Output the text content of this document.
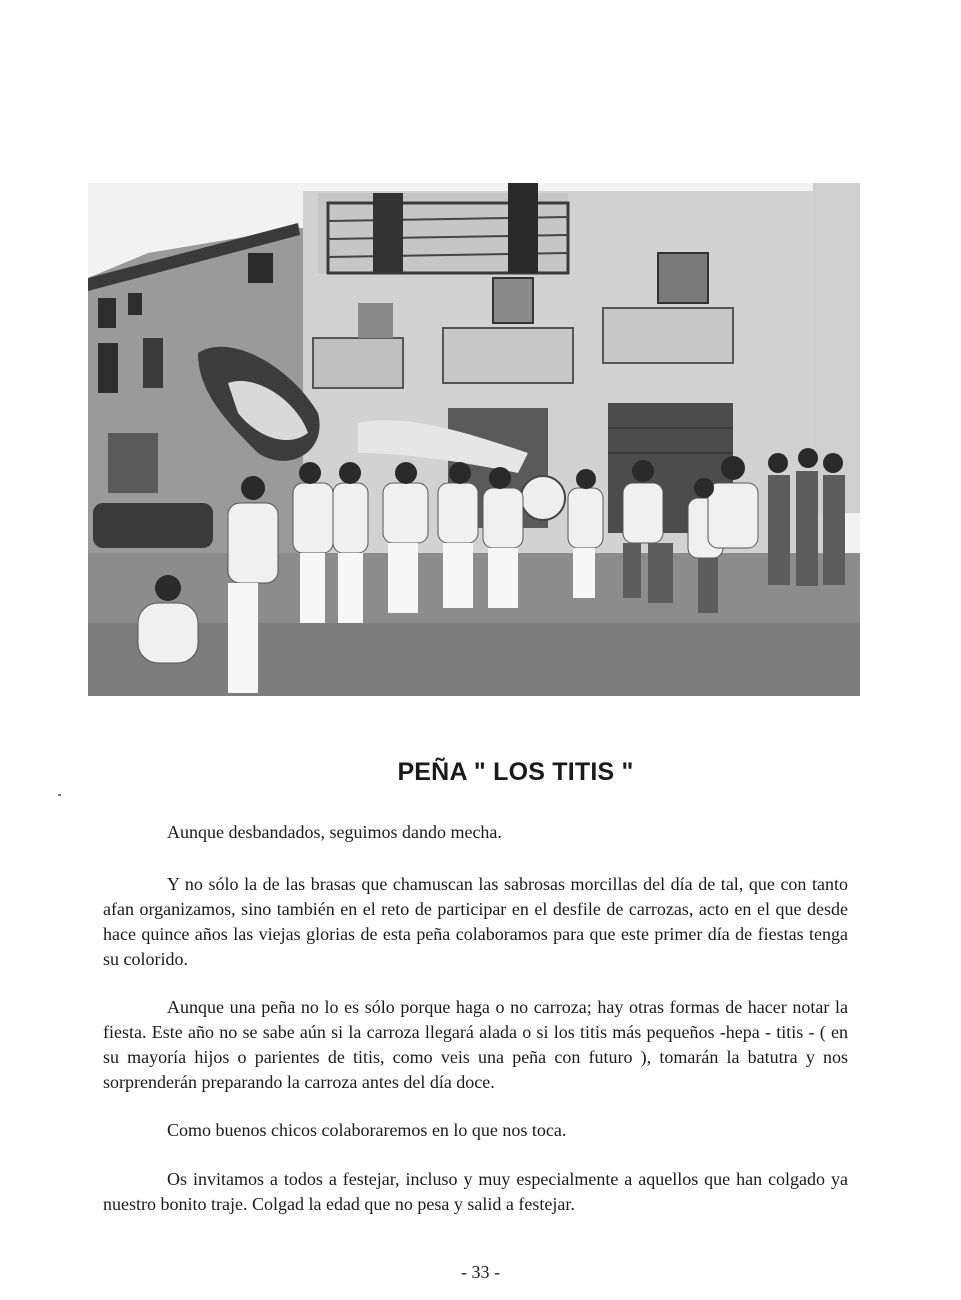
PEÑA " LOS TITIS "
Aunque desbandados, seguimos dando mecha.
Y no sólo la de las brasas que chamuscan las sabrosas morcillas del día de tal, que con tanto afan organizamos, sino también en el reto de participar en el desfile de carrozas, acto en el que desde hace quince años las viejas glorias de esta peña colaboramos para que este primer día de fiestas tenga su colorido.
Aunque una peña no lo es sólo porque haga o no carroza; hay otras formas de hacer notar la fiesta. Este año no se sabe aún si la carroza llegará alada o si los titis más pequeños -hepa - titis - ( en su mayoría hijos o parientes de titis, como veis una peña con futuro ), tomarán la batutra y nos sorprenderán preparando la carroza antes del día doce.
Como buenos chicos colaboraremos en lo que nos toca.
Os invitamos a todos a festejar, incluso y muy especialmente a aquellos que han colgado ya nuestro bonito traje. Colgad la edad que no pesa y salid a festejar.
- 33 -
